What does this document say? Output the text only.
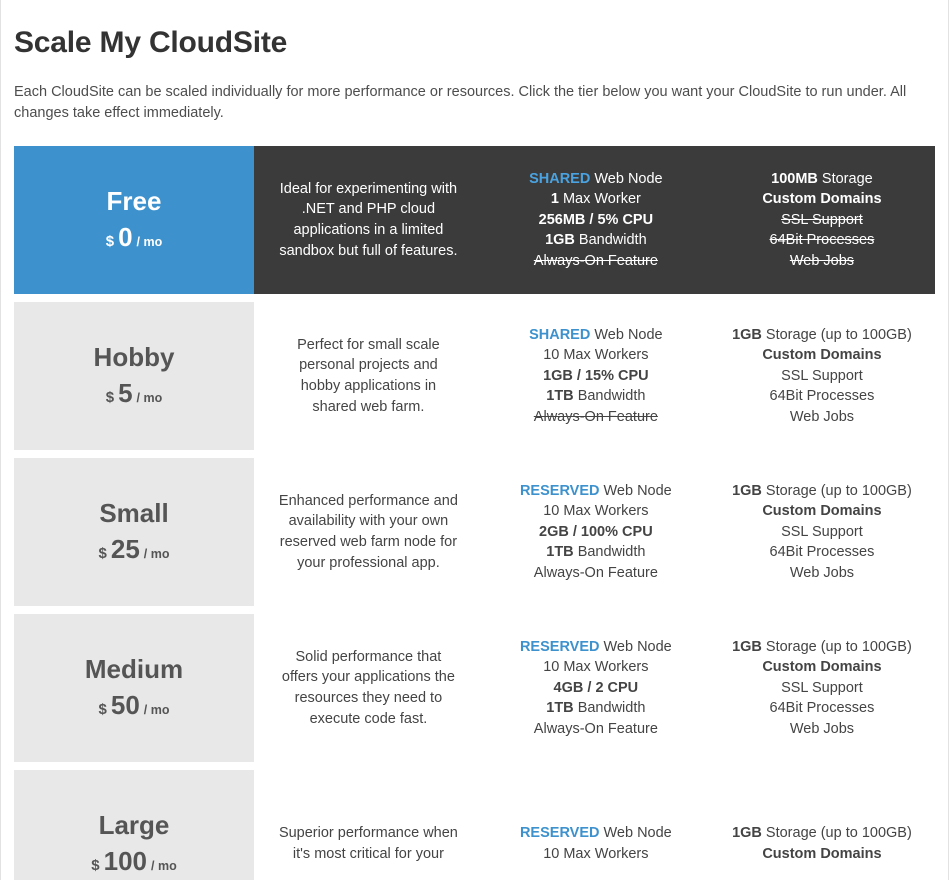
Scale My CloudSite

Each CloudSite can be scaled individually for more performance or resources. Click the tier below you want your CloudSite to run under. All changes take effect immediately.

Free
$ 0 / mo
Ideal for experimenting with .NET and PHP cloud applications in a limited sandbox but full of features.
SHARED Web Node
1 Max Worker
256MB / 5% CPU
1GB Bandwidth
Always-On Feature
100MB Storage
Custom Domains
SSL Support
64Bit Processes
Web Jobs
Hobby
$ 5 / mo
Perfect for small scale personal projects and hobby applications in shared web farm.
SHARED Web Node
10 Max Workers
1GB / 15% CPU
1TB Bandwidth
Always-On Feature
1GB Storage (up to 100GB)
Custom Domains
SSL Support
64Bit Processes
Web Jobs
Small
$ 25 / mo
Enhanced performance and availability with your own reserved web farm node for your professional app.
RESERVED Web Node
10 Max Workers
2GB / 100% CPU
1TB Bandwidth
Always-On Feature
1GB Storage (up to 100GB)
Custom Domains
SSL Support
64Bit Processes
Web Jobs
Medium
$ 50 / mo
Solid performance that offers your applications the resources they need to execute code fast.
RESERVED Web Node
10 Max Workers
4GB / 2 CPU
1TB Bandwidth
Always-On Feature
1GB Storage (up to 100GB)
Custom Domains
SSL Support
64Bit Processes
Web Jobs
Large
$ 100 / mo
Superior performance when it's most critical for your
RESERVED Web Node
10 Max Workers
1GB Storage (up to 100GB)
Custom Domains
